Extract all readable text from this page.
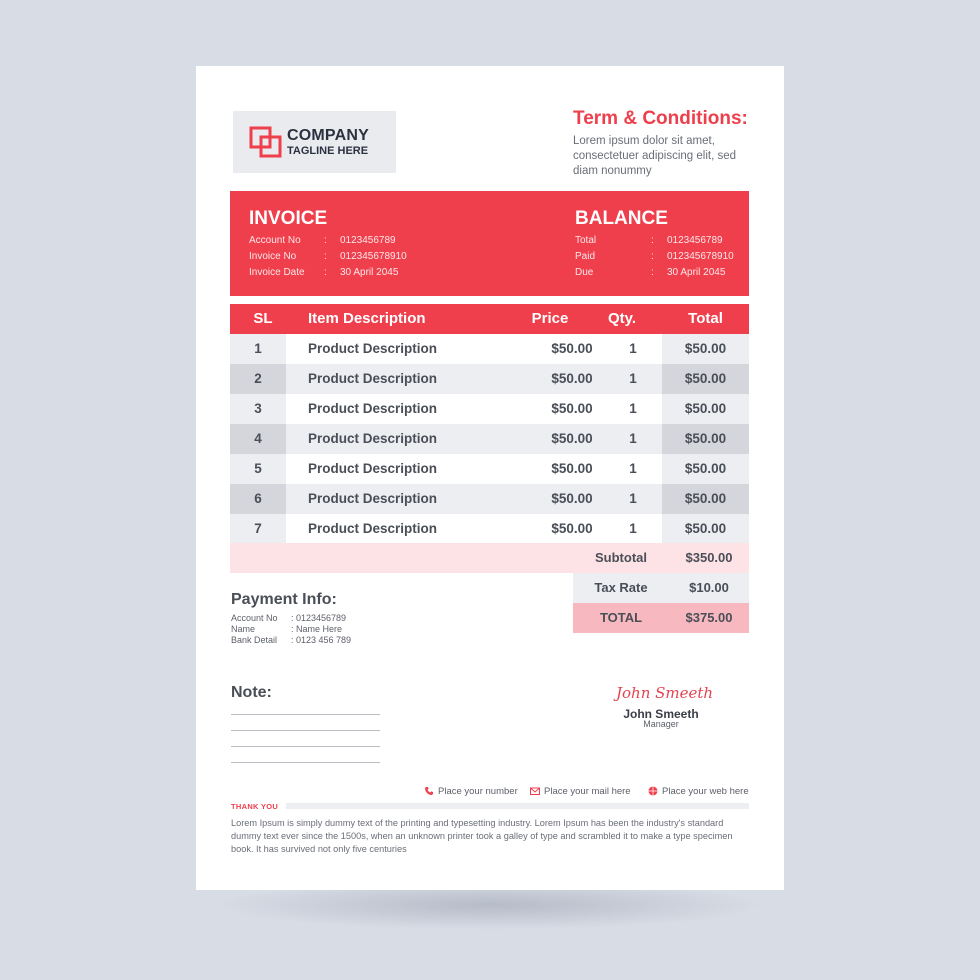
COMPANY
TAGLINE HERE
Term & Conditions:
Lorem ipsum dolor sit amet, consectetuer adipiscing elit, sed diam nonummy
INVOICE
Account No : 0123456789
Invoice No	: 012345678910
Invoice Date : 30 April 2045
BALANCE
Total	: 0123456789
Paid	: 012345678910
Due	: 30 April 2045
SL	Item Description	Price	Qty.	Total
1	Product Description	$50.00	1	$50.00
2	Product Description	$50.00	1	$50.00
3	Product Description	$50.00	1	$50.00
4	Product Description	$50.00	1	$50.00
5	Product Description	$50.00	1	$50.00
6	Product Description	$50.00	1	$50.00
7	Product Description	$50.00	1	$50.00
Subtotal	$350.00
Tax Rate	$10.00
TOTAL	$375.00
Payment Info:
Account No : 0123456789
Name	: Name Here
Bank Detail : 0123 456 789
Note:	John Smeeth
John Smeeth
Manager
Place your number	Place your mail here	Place your web here
THANK YOU
Lorem Ipsum is simply dummy text of the printing and typesetting industry. Lorem Ipsum has been the industry's standard dummy text ever since the 1500s, when an unknown printer took a galley of type and scrambled it to make a type specimen book. It has survived not only five centuries
